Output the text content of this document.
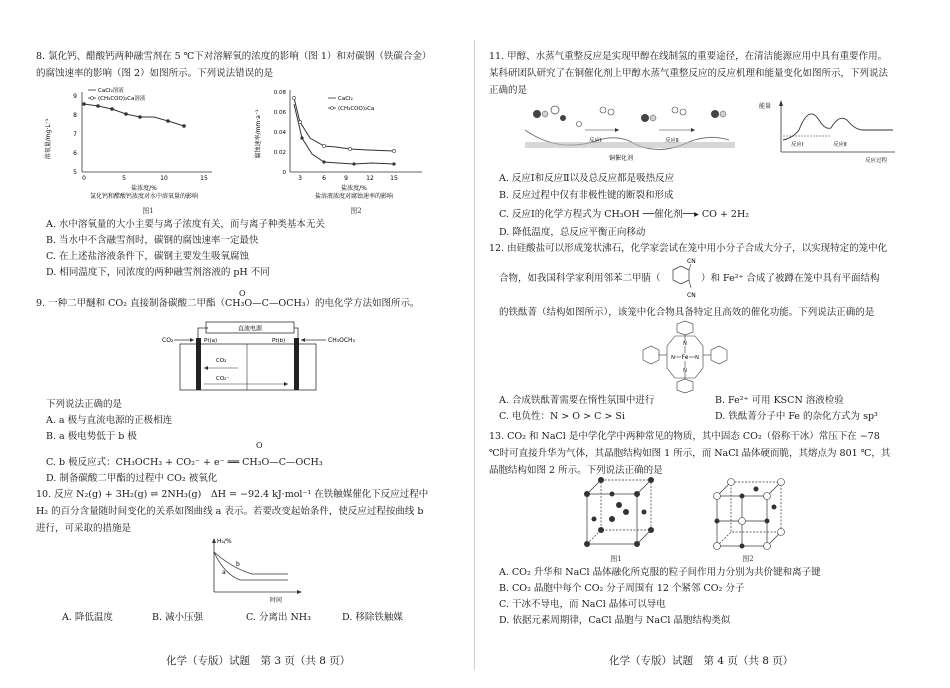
8. 氯化钙、醋酸钙两种融雪剂在 5 ℃下对溶解氧的浓度的影响（图 1）和对碳钢（铁碳合金）的腐蚀速率的影响（图 2）如图所示。下列说法错误的是
溶氧量/mg·L⁻¹
9
8
7
6
5
0	5	10	15
CaCl₂溶液
(CH₃COO)₂Ca溶液
盐浓度/%
氯化钙和醋酸钙浓度对水中溶氧量的影响
图1
腐蚀速率/mm·a⁻¹
0.08
0.06
0.04
0.02
0
3	6	9	12	15
CaCl₂
(CH₃COO)₂Ca
盐浓度/%
盐溶液浓度对腐蚀速率的影响
图2
A. 水中溶氧量的大小主要与离子浓度有关，而与离子种类基本无关
B. 当水中不含融雪剂时，碳钢的腐蚀速率一定最快
C. 在上述盐溶液条件下，碳钢主要发生吸氧腐蚀
D. 相同温度下，同浓度的两种融雪剂溶液的 pH 不同
O
9. 一种二甲醚和 CO₂ 直接制备碳酸二甲酯（CH₃O—C—OCH₃）的电化学方法如图所示。
直流电源
CO₂	Pt(a)	Pt(b)	CH₃OCH₃
CO₂
CO₂⁻
下列说法正确的是
A. a 极与直流电源的正极相连
B. a 极电势低于 b 极
O
C. b 极反应式：CH₃OCH₃ + CO₂⁻ + e⁻ ══ CH₃O—C—OCH₃
D. 制备碳酸二甲酯的过程中 CO₂ 被氧化
10. 反应 N₂(g) + 3H₂(g) ⇌ 2NH₃(g)　ΔH = −92.4 kJ·mol⁻¹ 在铁触媒催化下反应过程中 H₂ 的百分含量随时间变化的关系如图曲线 a 表示。若要改变起始条件，使反应过程按曲线 b 进行，可采取的措施是
H₂/%
a
b
时间
A. 降低温度	B. 减小压强	C. 分离出 NH₃	D. 移除铁触媒
化学（专版）试题　第 3 页（共 8 页）
11. 甲醇、水蒸气重整反应是实现甲醇在线制氢的重要途径，在清洁能源应用中具有重要作用。某科研团队研究了在铜催化剂上甲醇水蒸气重整反应的反应机理和能量变化如图所示，下列说法正确的是
铜催化剂
反应Ⅰ	反应Ⅱ
能量
反应Ⅰ	反应Ⅱ
反应过程
A. 反应Ⅰ和反应Ⅱ以及总反应都是吸热反应
B. 反应过程中仅有非极性键的断裂和形成
C. 反应Ⅰ的化学方程式为 CH₃OH ──催化剂──▸ CO + 2H₂
D. 降低温度，总反应平衡正向移动
12. 由硅酸盐可以形成笼状沸石，化学家尝试在笼中用小分子合成大分子，以实现特定的笼中化
合物，如我国科学家利用邻苯二甲腈（
CN
CN
）和 Fe²⁺ 合成了被蹲在笼中具有平面结构
的铁酞菁（结构如图所示），该笼中化合物具备特定且高效的催化功能。下列说法正确的是
Fe
N
N
N	N
A. 合成铁酞菁需要在惰性氛围中进行	B. Fe²⁺ 可用 KSCN 溶液检验
C. 电负性：N > O > C > Si	D. 铁酞菁分子中 Fe 的杂化方式为 sp³
13. CO₂ 和 NaCl 是中学化学中两种常见的物质，其中固态 CO₂（俗称干冰）常压下在 −78 ℃时可直接升华为气体，其晶胞结构如图 1 所示，而 NaCl 晶体硬而脆，其熔点为 801 ℃，其晶胞结构如图 2 所示。下列说法正确的是
图1	图2
A. CO₂ 升华和 NaCl 晶体融化所克服的粒子间作用力分别为共价键和离子键
B. CO₂ 晶胞中每个 CO₂ 分子周围有 12 个紧邻 CO₂ 分子
C. 干冰不导电，而 NaCl 晶体可以导电
D. 依据元素周期律，CaCl 晶胞与 NaCl 晶胞结构类似
化学（专版）试题　第 4 页（共 8 页）
